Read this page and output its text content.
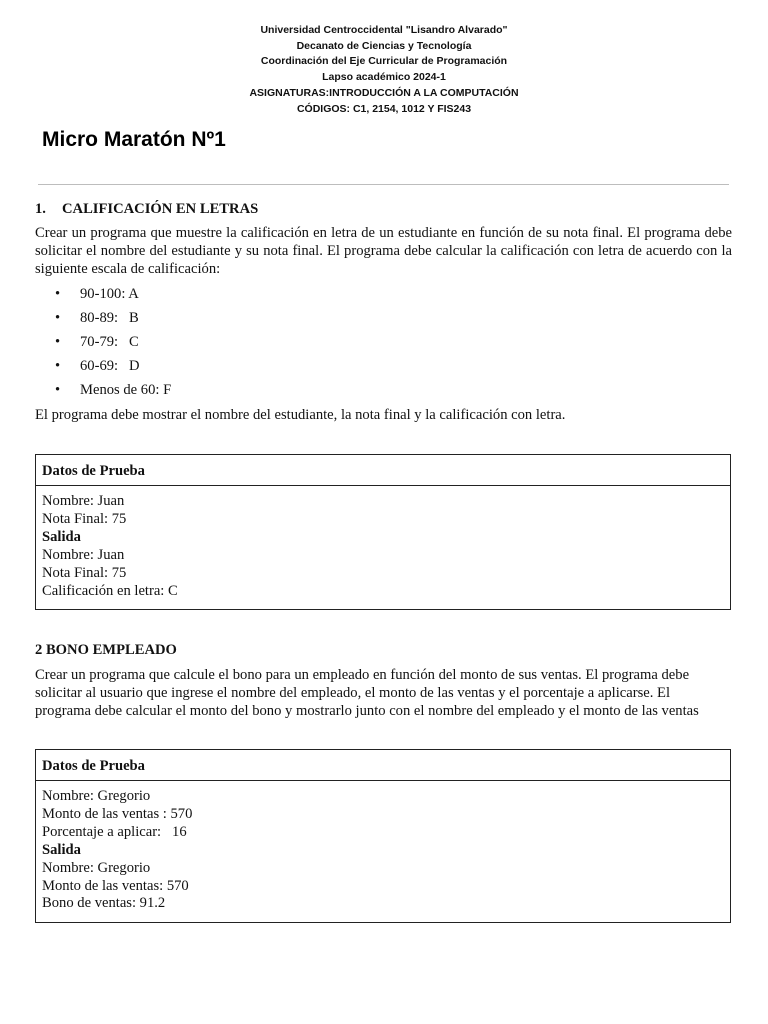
Universidad Centroccidental "Lisandro Alvarado"
Decanato de Ciencias y Tecnología
Coordinación del Eje Curricular de Programación
Lapso académico 2024-1
ASIGNATURAS:INTRODUCCIÓN A LA COMPUTACIÓN
CÓDIGOS: C1, 2154, 1012 Y FIS243
Micro Maratón Nº1
1. CALIFICACIÓN EN LETRAS
Crear un programa que muestre la calificación en letra de un estudiante en función de su nota final. El programa debe solicitar el nombre del estudiante y su nota final. El programa debe calcular la calificación con letra de acuerdo con la siguiente escala de calificación:
• 90-100: A
• 80-89:   B
• 70-79:   C
• 60-69:   D
• Menos de 60: F
El programa debe mostrar el nombre del estudiante, la nota final y la calificación con letra.
Datos de Prueba
Nombre: Juan
Nota Final: 75
Salida
Nombre: Juan
Nota Final: 75
Calificación en letra: C
2 BONO EMPLEADO
Crear un programa que calcule el bono para un empleado en función del monto de sus ventas. El programa debe
solicitar al usuario que ingrese el nombre del empleado, el monto de las ventas y el porcentaje a aplicarse. El
programa debe calcular el monto del bono y mostrarlo junto con el nombre del empleado y el monto de las ventas
Datos de Prueba
Nombre: Gregorio
Monto de las ventas : 570
Porcentaje a aplicar:   16
Salida
Nombre: Gregorio
Monto de las ventas: 570
Bono de ventas: 91.2
